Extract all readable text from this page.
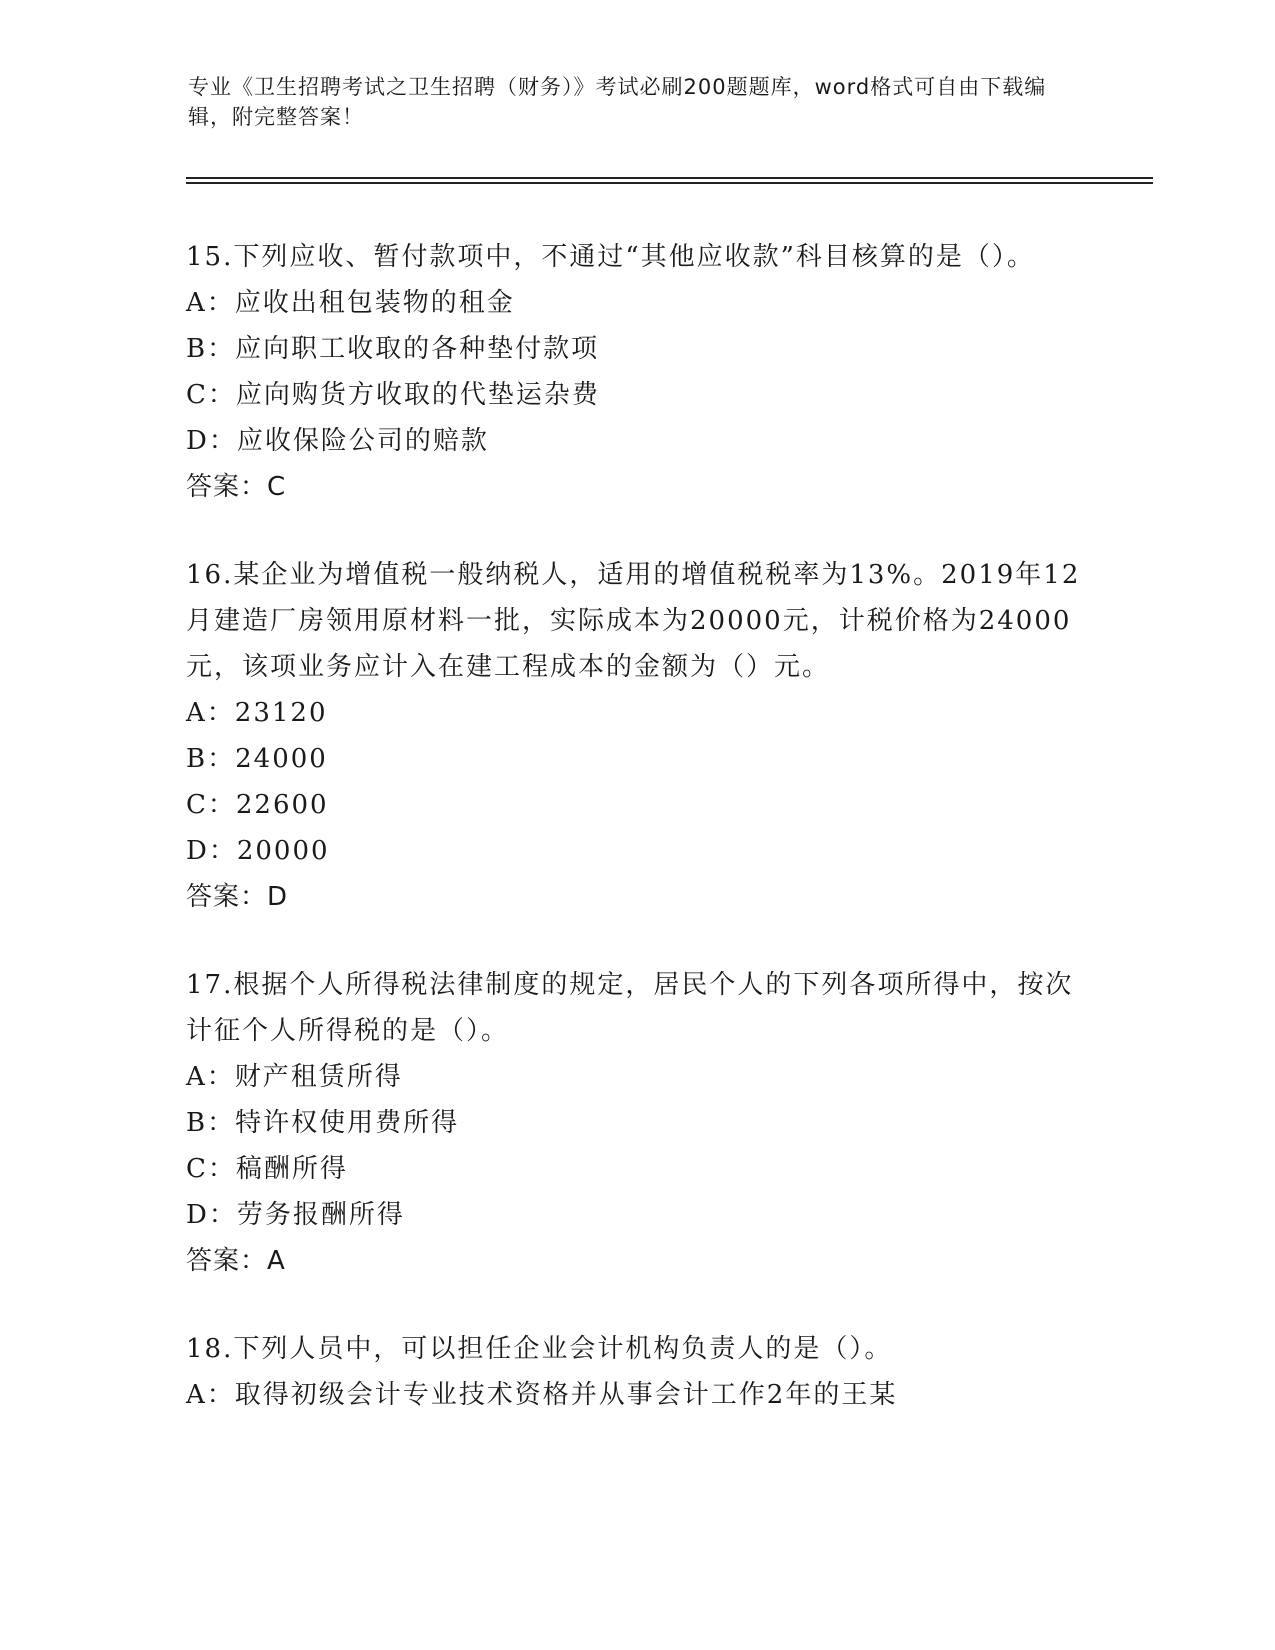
专业《卫生招聘考试之卫生招聘（财务）》考试必刷200题题库，word格式可自由下载编辑，附完整答案！

15.下列应收、暂付款项中，不通过“其他应收款”科目核算的是（）。

A：应收出租包装物的租金

B：应向职工收取的各种垫付款项

C：应向购货方收取的代垫运杂费

D：应收保险公司的赔款

答案：C

16.某企业为增值税一般纳税人，适用的增值税税率为13%。2019年12月建造厂房领用原材料一批，实际成本为20000元，计税价格为24000元，该项业务应计入在建工程成本的金额为（）元。

A：23120

B：24000

C：22600

D：20000

答案：D

17.根据个人所得税法律制度的规定，居民个人的下列各项所得中，按次计征个人所得税的是（）。

A：财产租赁所得

B：特许权使用费所得

C：稿酬所得

D：劳务报酬所得

答案：A

18.下列人员中，可以担任企业会计机构负责人的是（）。

A：取得初级会计专业技术资格并从事会计工作2年的王某
